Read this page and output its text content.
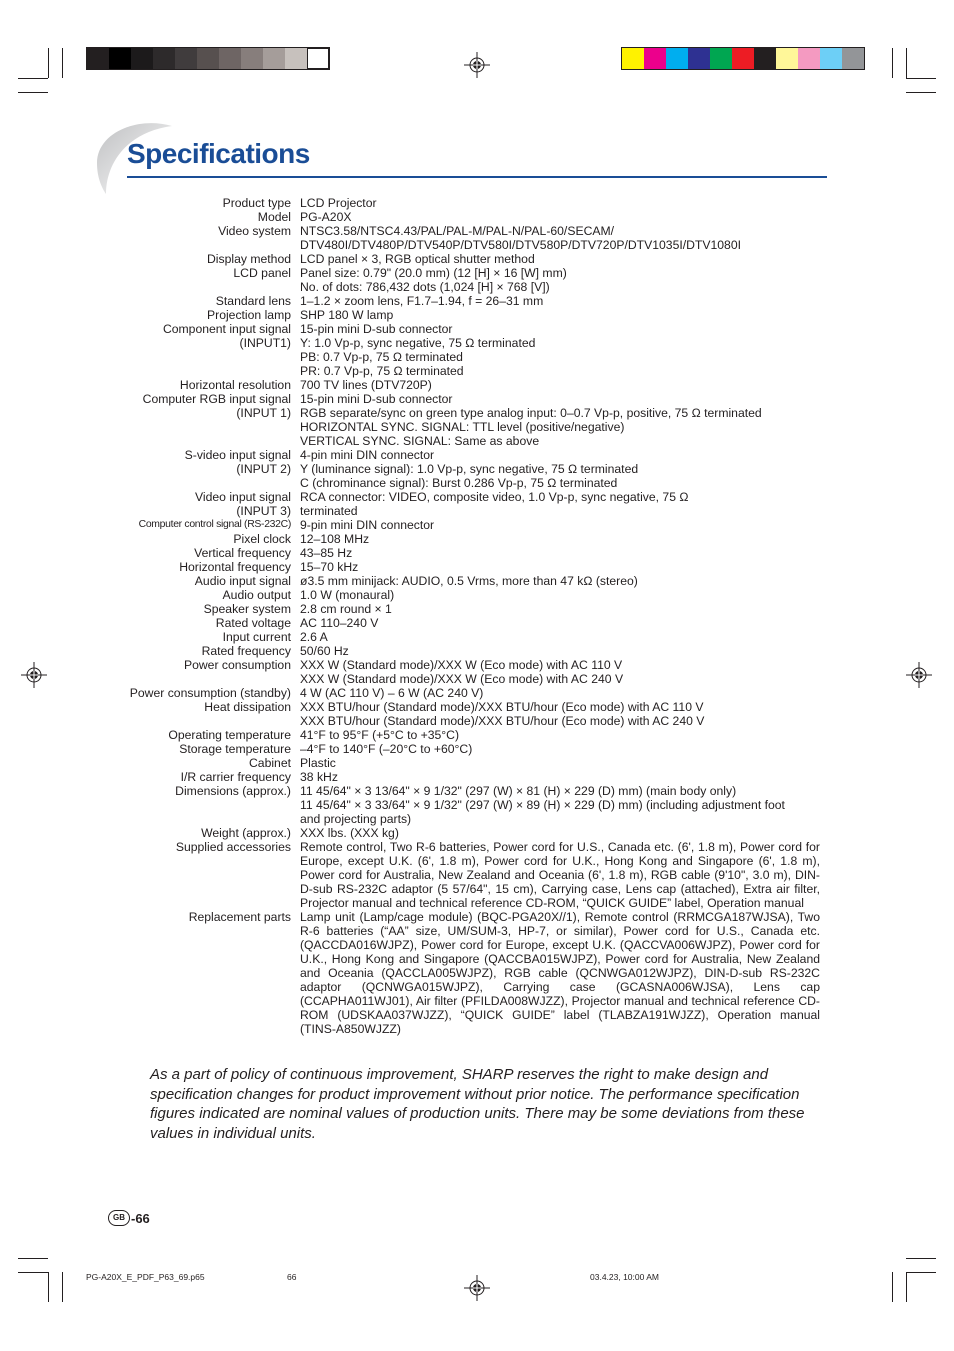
Specifications
Product type LCD Projector
Model PG-A20X
Video system NTSC3.58/NTSC4.43/PAL/PAL-M/PAL-N/PAL-60/SECAM/
DTV480I/DTV480P/DTV540P/DTV580I/DTV580P/DTV720P/DTV1035I/DTV1080I
Display method LCD panel × 3, RGB optical shutter method
LCD panel Panel size: 0.79" (20.0 mm) (12 [H] × 16 [W] mm)
No. of dots: 786,432 dots (1,024 [H] × 768 [V])
Standard lens 1–1.2 × zoom lens, F1.7–1.94, f = 26–31 mm
Projection lamp SHP 180 W lamp
Component input signal 15-pin mini D-sub connector
(INPUT1) Y: 1.0 Vp-p, sync negative, 75 Ω terminated
PB: 0.7 Vp-p, 75 Ω terminated
PR: 0.7 Vp-p, 75 Ω terminated
Horizontal resolution 700 TV lines (DTV720P)
Computer RGB input signal 15-pin mini D-sub connector
(INPUT 1) RGB separate/sync on green type analog input: 0–0.7 Vp-p, positive, 75 Ω terminated
HORIZONTAL SYNC. SIGNAL: TTL level (positive/negative)
VERTICAL SYNC. SIGNAL: Same as above
S-video input signal 4-pin mini DIN connector
(INPUT 2) Y (luminance signal): 1.0 Vp-p, sync negative, 75 Ω terminated
C (chrominance signal): Burst 0.286 Vp-p, 75 Ω terminated
Video input signal RCA connector: VIDEO, composite video, 1.0 Vp-p, sync negative, 75 Ω
(INPUT 3) terminated
Computer control signal (RS-232C) 9-pin mini DIN connector
Pixel clock 12–108 MHz
Vertical frequency 43–85 Hz
Horizontal frequency 15–70 kHz
Audio input signal ø3.5 mm minijack: AUDIO, 0.5 Vrms, more than 47 kΩ (stereo)
Audio output 1.0 W (monaural)
Speaker system 2.8 cm round × 1
Rated voltage AC 110–240 V
Input current 2.6 A
Rated frequency 50/60 Hz
Power consumption XXX W (Standard mode)/XXX W (Eco mode) with AC 110 V
XXX W (Standard mode)/XXX W (Eco mode) with AC 240 V
Power consumption (standby) 4 W (AC 110 V) – 6 W (AC 240 V)
Heat dissipation XXX BTU/hour (Standard mode)/XXX BTU/hour (Eco mode) with AC 110 V
XXX BTU/hour (Standard mode)/XXX BTU/hour (Eco mode) with AC 240 V
Operating temperature 41°F to 95°F (+5°C to +35°C)
Storage temperature –4°F to 140°F (–20°C to +60°C)
Cabinet Plastic
I/R carrier frequency 38 kHz
Dimensions (approx.) 11 45/64" × 3 13/64" × 9 1/32" (297 (W) × 81 (H) × 229 (D) mm) (main body only)
11 45/64" × 3 33/64" × 9 1/32" (297 (W) × 89 (H) × 229 (D) mm) (including adjustment foot
and projecting parts)
Weight (approx.) XXX lbs. (XXX kg)
Supplied accessories Remote control, Two R-6 batteries, Power cord for U.S., Canada etc. (6', 1.8 m), Power cord for Europe, except U.K. (6', 1.8 m), Power cord for U.K., Hong Kong and Singapore (6', 1.8 m), Power cord for Australia, New Zealand and Oceania (6', 1.8 m), RGB cable (9'10", 3.0 m), DIN-D-sub RS-232C adaptor (5 57/64", 15 cm), Carrying case, Lens cap (attached), Extra air filter, Projector manual and technical reference CD-ROM, “QUICK GUIDE” label, Operation manual
Replacement parts Lamp unit (Lamp/cage module) (BQC-PGA20X//1), Remote control (RRMCGA187WJSA), Two R-6 batteries (“AA” size, UM/SUM-3, HP-7, or similar), Power cord for U.S., Canada etc. (QACCDA016WJPZ), Power cord for Europe, except U.K. (QACCVA006WJPZ), Power cord for U.K., Hong Kong and Singapore (QACCBA015WJPZ), Power cord for Australia, New Zealand and Oceania (QACCLA005WJPZ), RGB cable (QCNWGA012WJPZ), DIN-D-sub RS-232C adaptor (QCNWGA015WJPZ), Carrying case (GCASNA006WJSA), Lens cap (CCAPHA011WJ01), Air filter (PFILDA008WJZZ), Projector manual and technical reference CD-ROM (UDSKAA037WJZZ), “QUICK GUIDE” label (TLABZA191WJZZ), Operation manual (TINS-A850WJZZ)
As a part of policy of continuous improvement, SHARP reserves the right to make design and specification changes for product improvement without prior notice. The performance specification figures indicated are nominal values of production units. There may be some deviations from these values in individual units.
GB -66
PG-A20X_E_PDF_P63_69.p65	66	03.4.23, 10:00 AM
